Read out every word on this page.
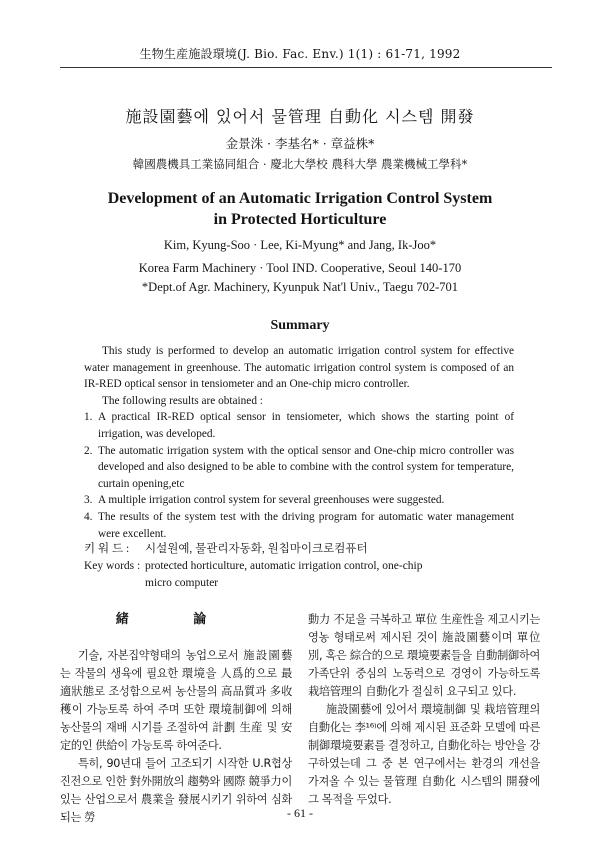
生物生産施設環境(J. Bio. Fac. Env.) 1(1) : 61-71, 1992
施設園藝에 있어서 물管理 自動化 시스템 開發
金景洙 · 李基名* · 章益株*
韓國農機具工業協同組合 · 慶北大學校 農科大學 農業機械工學科*
Development of an Automatic Irrigation Control System
in Protected Horticulture
Kim, Kyung-Soo · Lee, Ki-Myung* and Jang, Ik-Joo*
Korea Farm Machinery · Tool IND. Cooperative, Seoul 140-170
*Dept.of Agr. Machinery, Kyunpuk Nat'l Univ., Taegu 702-701
Summary

This study is performed to develop an automatic irrigation control system for effective water management in greenhouse. The automatic irrigation control system is composed of an IR-RED optical sensor in tensiometer and an One-chip micro controller.

The following results are obtained :

1. A practical IR-RED optical sensor in tensiometer, which shows the starting point of irrigation, was developed.
2. The automatic irrigation system with the optical sensor and One-chip micro controller was developed and also designed to be able to combine with the control system for temperature, curtain opening,etc
3. A multiple irrigation control system for several greenhouses were suggested.
4. The results of the system test with the driving program for automatic water management were excellent.
키 워 드 : 시설원예, 물관리자동화, 원칩마이크로컴퓨터
Key words : protected horticulture, automatic irrigation control, one-chip micro computer
緒 論

기술, 자본집약형태의 농업으로서 施設園藝는 작물의 생육에 필요한 環境을 人爲的으로 最適狀態로 조성함으로써 농산물의 高品質과 多收穫이 가능토록 하여 주며 또한 環境制御에 의해 농산물의 재배 시기를 조절하여 計劃 生産 및 安定的인 供給이 가능토록 하여준다.

특히, 90년대 들어 고조되기 시작한 U.R협상 진전으로 인한 對外開放의 趨勢와 國際 競爭力이 있는 산업으로서 農業을 發展시키기 위하여 심화되는 勞

動力 不足을 극복하고 單位 生産性을 제고시키는 영농 형태로써 제시된 것이 施設園藝이며 單位別, 혹은 綜合的으로 環境要素들을 自動制御하여 가족단위 중심의 노동력으로 경영이 가능하도록 栽培管理의 自動化가 절실히 요구되고 있다.

施設園藝에 있어서 環境制御 및 栽培管理의 自動化는 李¹⁶⁾에 의해 제시된 표준화 모델에 따른 制御環境要素를 결정하고, 自動化하는 방안을 강구하였는데 그 중 본 연구에서는 환경의 개선을 가져올 수 있는 물管理 自動化 시스템의 開發에 그 목적을 두었다.

- 61 -
